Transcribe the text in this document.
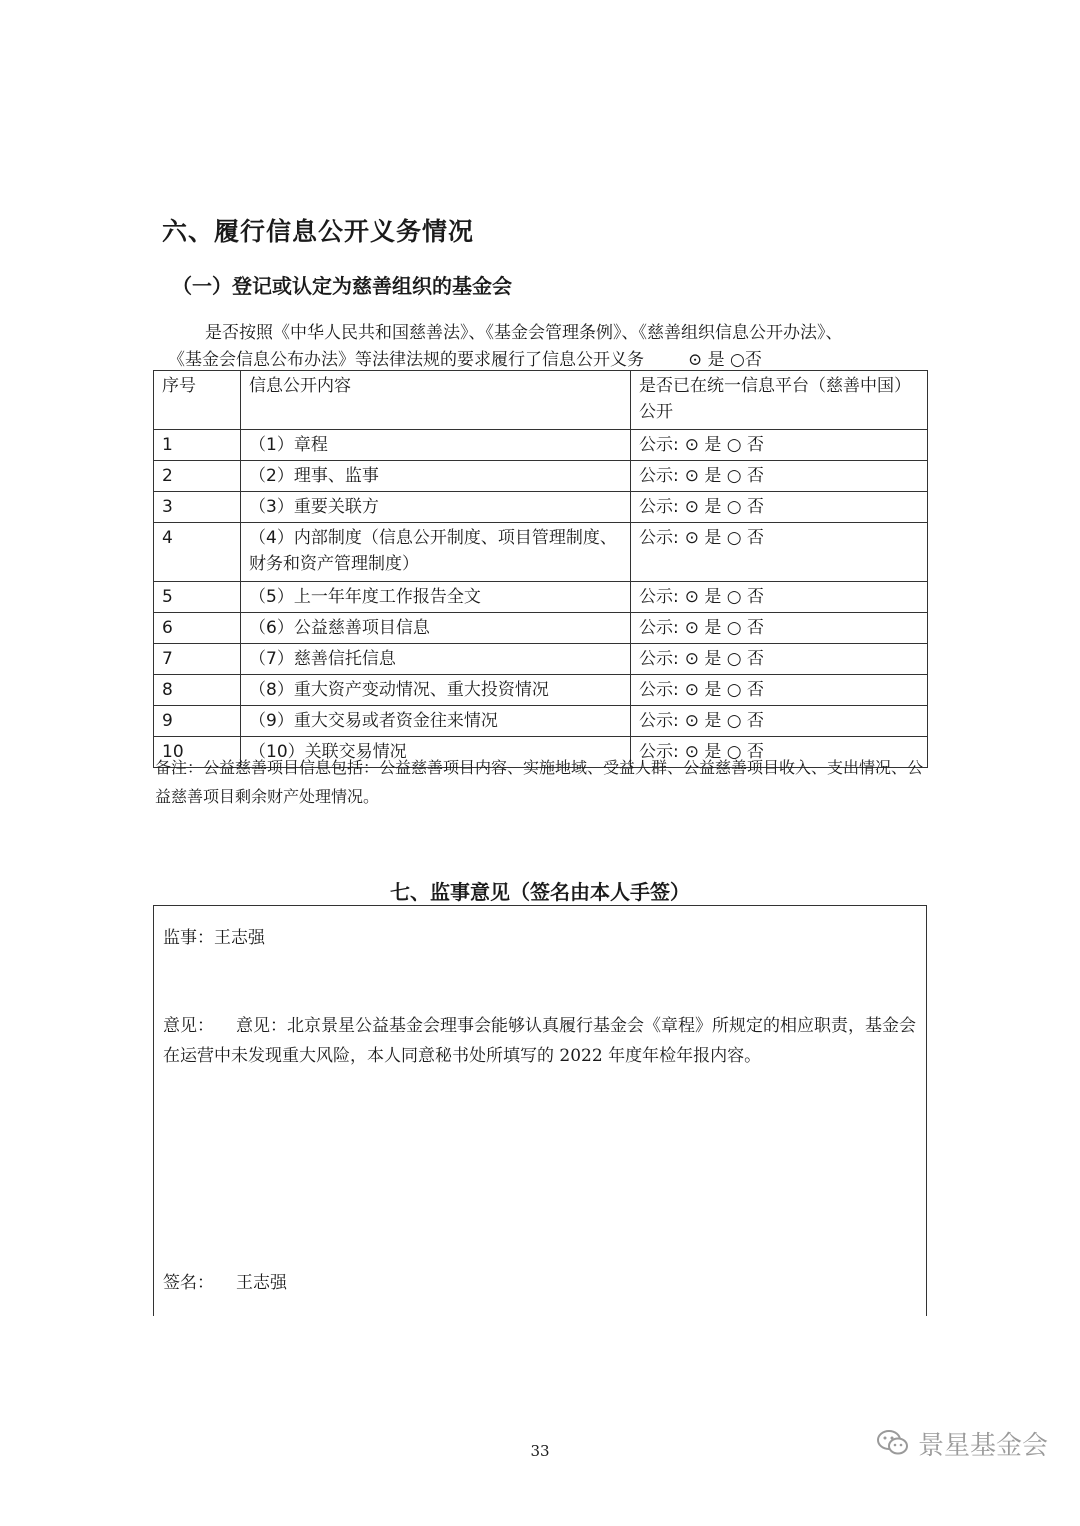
六、履行信息公开义务情况
（一）登记或认定为慈善组织的基金会
是否按照《中华人民共和国慈善法》、《基金会管理条例》、《慈善组织信息公开办法》、
《基金会信息公布办法》等法律法规的要求履行了信息公开义务	⊙ 是 ○否
序号	信息公开内容	是否已在统一信息平台（慈善中国）公开
1	（1）章程	公示: ⊙ 是 ○ 否
2	（2）理事、监事	公示: ⊙ 是 ○ 否
3	（3）重要关联方	公示: ⊙ 是 ○ 否
4	（4）内部制度（信息公开制度、项目管理制度、财务和资产管理制度）	公示: ⊙ 是 ○ 否
5	（5）上一年年度工作报告全文	公示: ⊙ 是 ○ 否
6	（6）公益慈善项目信息	公示: ⊙ 是 ○ 否
7	（7）慈善信托信息	公示: ⊙ 是 ○ 否
8	（8）重大资产变动情况、重大投资情况	公示: ⊙ 是 ○ 否
9	（9）重大交易或者资金往来情况	公示: ⊙ 是 ○ 否
10	（10）关联交易情况	公示: ⊙ 是 ○ 否
备注：公益慈善项目信息包括：公益慈善项目内容、实施地域、受益人群、公益慈善项目收入、支出情况、公益慈善项目剩余财产处理情况。
七、监事意见（签名由本人手签）
监事：王志强
意见： 意见：北京景星公益基金会理事会能够认真履行基金会《章程》所规定的相应职责，基金会在运营中未发现重大风险，本人同意秘书处所填写的 2022 年度年检年报内容。
签名： 王志强
33	景星基金会
